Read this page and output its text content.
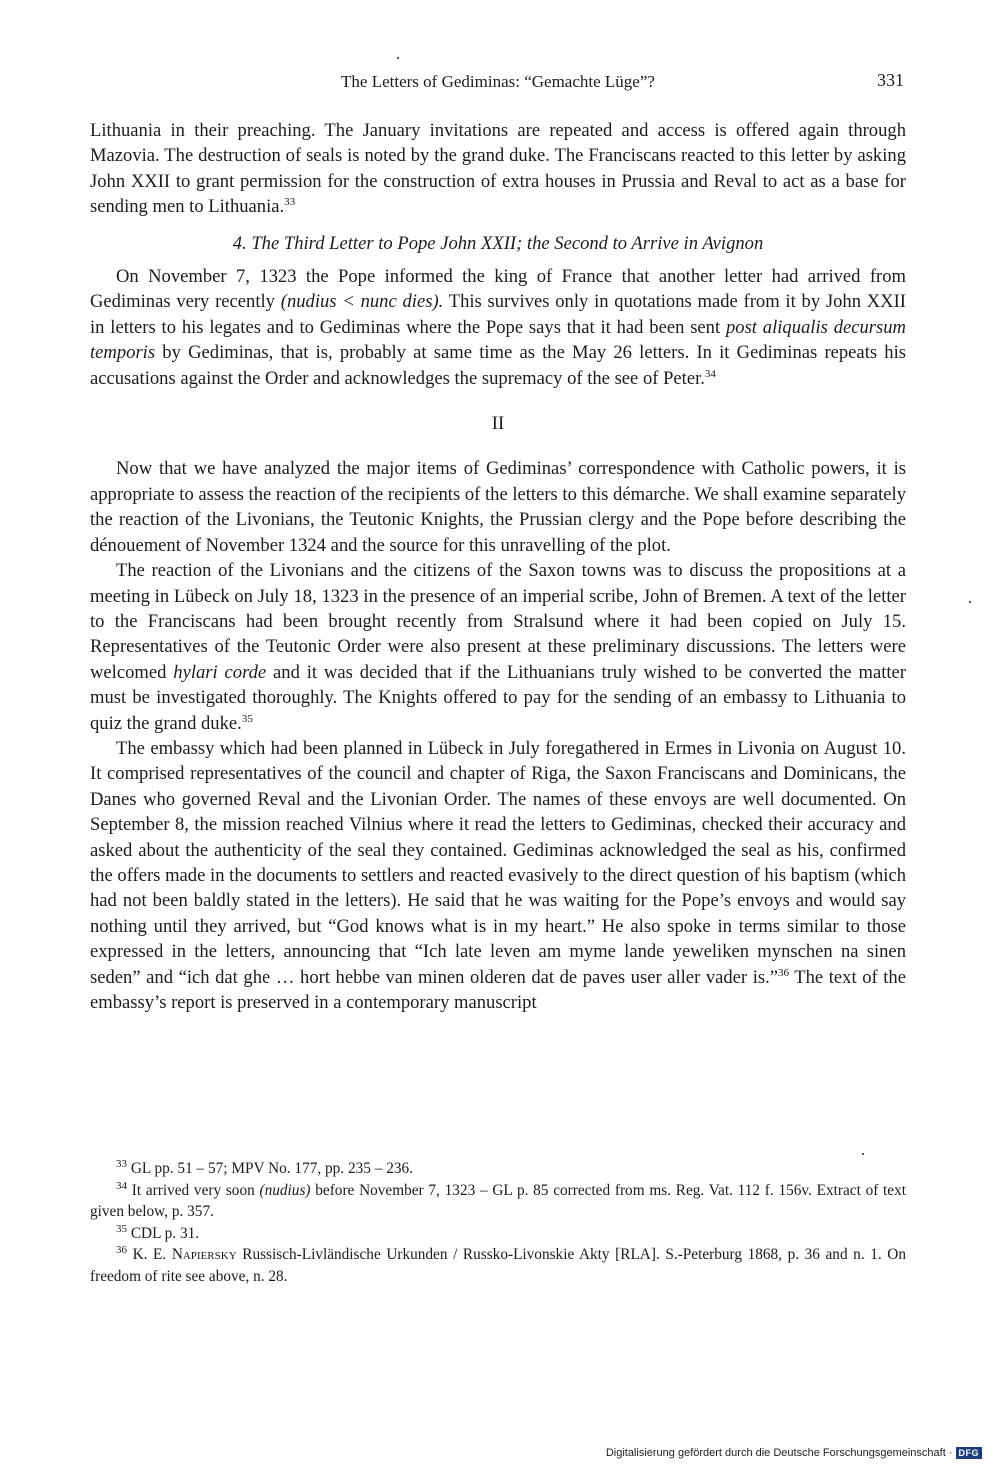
The Letters of Gediminas: “Gemachte Lüge”?	331

Lithuania in their preaching. The January invitations are repeated and access is offered again through Mazovia. The destruction of seals is noted by the grand duke. The Franciscans reacted to this letter by asking John XXII to grant permission for the construction of extra houses in Prussia and Reval to act as a base for sending men to Lithuania.$^{33}$

4. The Third Letter to Pope John XXII; the Second to Arrive in Avignon

On November 7, 1323 the Pope informed the king of France that another letter had arrived from Gediminas very recently (nudius < nunc dies). This survives only in quotations made from it by John XXII in letters to his legates and to Gediminas where the Pope says that it had been sent post aliqualis decursum temporis by Gediminas, that is, probably at same time as the May 26 letters. In it Gediminas repeats his accusations against the Order and acknowledges the supremacy of the see of Peter.$^{34}$

II

Now that we have analyzed the major items of Gediminas’ correspondence with Catholic powers, it is appropriate to assess the reaction of the recipients of the letters to this démarche. We shall examine separately the reaction of the Livonians, the Teutonic Knights, the Prussian clergy and the Pope before describing the dénouement of November 1324 and the source for this unravelling of the plot.

The reaction of the Livonians and the citizens of the Saxon towns was to discuss the propositions at a meeting in Lübeck on July 18, 1323 in the presence of an imperial scribe, John of Bremen. A text of the letter to the Franciscans had been brought recently from Stralsund where it had been copied on July 15. Representatives of the Teutonic Order were also present at these preliminary discussions. The letters were welcomed hylari corde and it was decided that if the Lithuanians truly wished to be converted the matter must be investigated thoroughly. The Knights offered to pay for the sending of an embassy to Lithuania to quiz the grand duke.$^{35}$

The embassy which had been planned in Lübeck in July foregathered in Ermes in Livonia on August 10. It comprised representatives of the council and chapter of Riga, the Saxon Franciscans and Dominicans, the Danes who governed Reval and the Livonian Order. The names of these envoys are well documented. On September 8, the mission reached Vilnius where it read the letters to Gediminas, checked their accuracy and asked about the authenticity of the seal they contained. Gediminas acknowledged the seal as his, confirmed the offers made in the documents to settlers and reacted evasively to the direct question of his baptism (which had not been baldly stated in the letters). He said that he was waiting for the Pope’s envoys and would say nothing until they arrived, but “God knows what is in my heart.” He also spoke in terms similar to those expressed in the letters, announcing that “Ich late leven am myme lande yeweliken mynschen na sinen seden” and “ich dat ghe … hort hebbe van minen olderen dat de paves user aller vader is.”$^{36}$ The text of the embassy’s report is preserved in a contemporary manuscript

$^{33}$ GL pp. 51 – 57; MPV No. 177, pp. 235 – 236.

$^{34}$ It arrived very soon (nudius) before November 7, 1323 – GL p. 85 corrected from ms. Reg. Vat. 112 f. 156v. Extract of text given below, p. 357.

$^{35}$ CDL p. 31.

$^{36}$ K. E. Napiersky Russisch-Livländische Urkunden / Russko-Livonskie Akty [RLA]. S.-Peterburg 1868, p. 36 and n. 1. On freedom of rite see above, n. 28.

Digitalisierung gefördert durch die Deutsche Forschungsgemeinschaft · DFG
